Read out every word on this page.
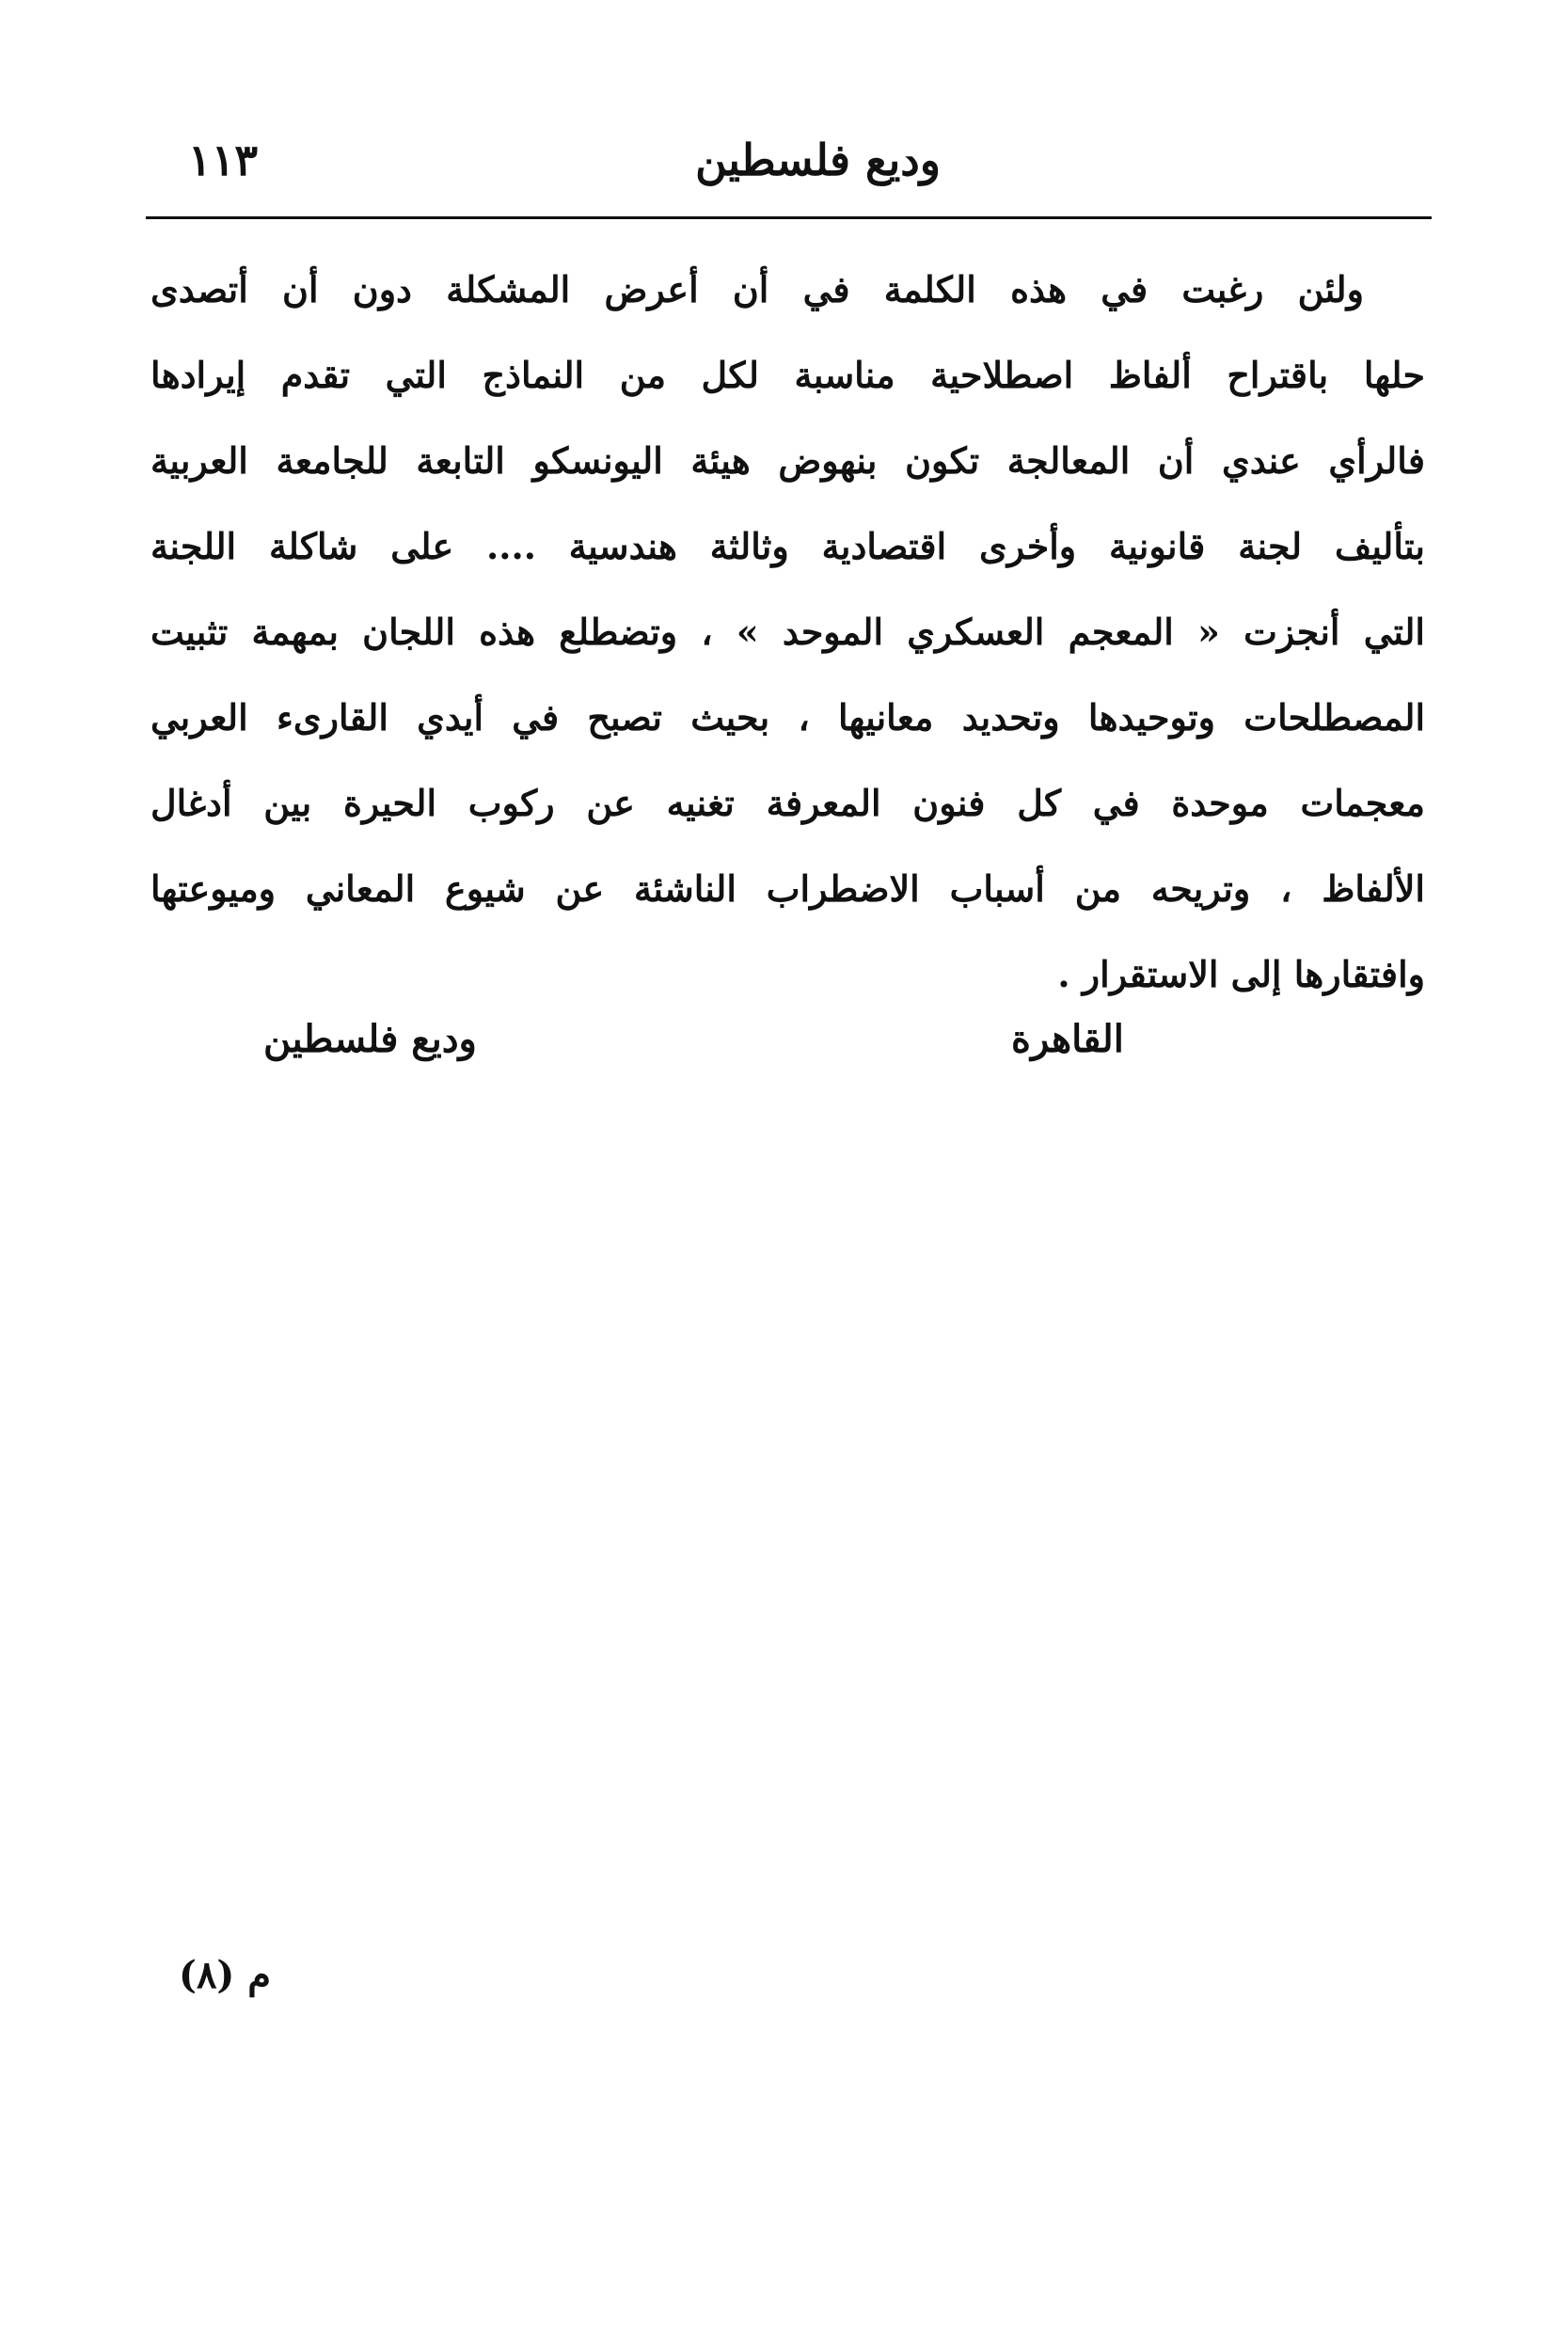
وديع فلسطين
١١٣
ولئن رغبت في هذه الكلمة في أن أعرض المشكلة دون أن أتصدى
حلها باقتراح ألفاظ اصطلاحية مناسبة لكل من النماذج التي تقدم إيرادها
فالرأي عندي أن المعالجة تكون بنهوض هيئة اليونسكو التابعة للجامعة العربية
بتأليف لجنة قانونية وأخرى اقتصادية وثالثة هندسية .... على شاكلة اللجنة
التي أنجزت « المعجم العسكري الموحد » ، وتضطلع هذه اللجان بمهمة تثبيت
المصطلحات وتوحيدها وتحديد معانيها ، بحيث تصبح في أيدي القارىء العربي
معجمات موحدة في كل فنون المعرفة تغنيه عن ركوب الحيرة بين أدغال
الألفاظ ، وتريحه من أسباب الاضطراب الناشئة عن شيوع المعاني وميوعتها
وافتقارها إلى الاستقرار .
القاهرة
وديع فلسطين
م (٨)
